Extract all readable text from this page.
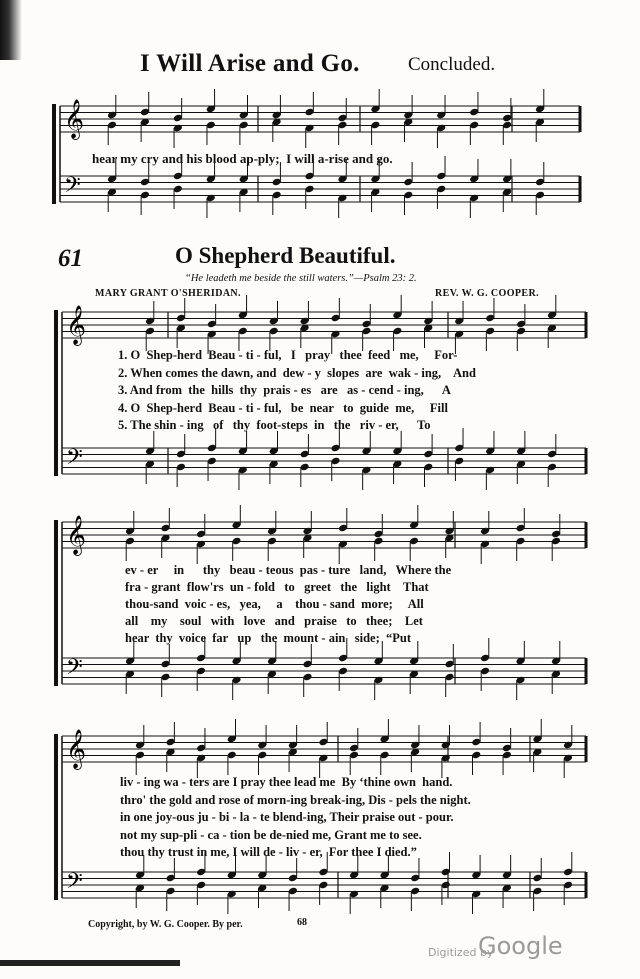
I Will Arise and Go.	Concluded.
𝄞
𝄢
hear my cry and his blood ap-ply;  I will a-rise and go.
61	O Shepherd Beautiful.
“He leadeth me beside the still waters.”—Psalm 23: 2.
MARY GRANT O'SHERIDAN.	REV. W. G. COOPER.
𝄞
𝄢
1. O  Shep-herd  Beau - ti - ful,   I   pray   thee  feed   me,     For-
2. When comes the dawn, and  dew - y  slopes  are  wak - ing,    And
3. And from  the  hills  thy  prais - es   are   as - cend - ing,      A
4. O  Shep-herd  Beau - ti - ful,   be  near   to  guide  me,     Fill
5. The shin - ing   of   thy  foot-steps  in   the   riv - er,      To
𝄞
𝄢
ev - er     in      thy   beau - teous  pas - ture   land,   Where the
fra - grant  flow'rs  un - fold   to   greet   the   light    That
thou-sand  voic - es,   yea,     a    thou - sand  more;     All
all    my    soul   with   love   and   praise   to   thee;    Let
hear  thy  voice  far   up   the  mount - ain   side;  “Put
𝄞
𝄢
liv - ing wa - ters are I pray thee lead me  By ‘thine own  hand.
thro' the gold and rose of morn-ing break-ing, Dis - pels the night.
in one joy-ous ju - bi - la - te blend-ing, Their praise out - pour.
not my sup-pli - ca - tion be de-nied me, Grant me to see.
thou thy trust in me, I will de - liv - er,  For thee I died.”
Copyright, by W. G. Cooper. By per.	68
Digitized by
Google
